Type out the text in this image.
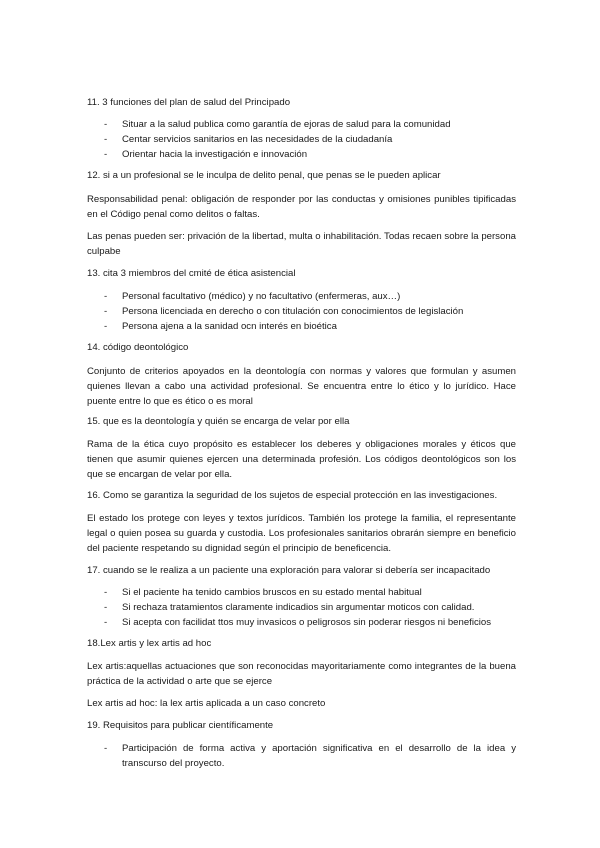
11. 3 funciones del plan de salud del Principado

- Situar a la salud publica como garantía de ejoras de salud para la comunidad
- Centar servicios sanitarios en las necesidades de la ciudadanía
- Orientar hacia la investigación e innovación

12. si a un profesional se le inculpa de delito penal, que penas se le pueden aplicar

Responsabilidad penal: obligación de responder por las conductas y omisiones punibles tipificadas en el Código penal como delitos o faltas.

Las penas pueden ser: privación de la libertad, multa o inhabilitación. Todas recaen sobre la persona culpabe

13. cita 3 miembros del cmité de ética asistencial

- Personal facultativo (médico) y no facultativo (enfermeras, aux…)
- Persona licenciada en derecho o con titulación con conocimientos de legislación
- Persona ajena a la sanidad ocn interés en bioética

14. código deontológico

Conjunto de criterios apoyados en la deontología con normas y valores que formulan y asumen quienes llevan a cabo una actividad profesional. Se encuentra entre lo ético y lo jurídico. Hace puente entre lo que es ético o es moral

15. que es la deontología y quién se encarga de velar por ella

Rama de la ética cuyo propósito es establecer los deberes y obligaciones morales y éticos que tienen que asumir quienes ejercen una determinada profesión. Los códigos deontológicos son los que se encargan de velar por ella.

16. Como se garantiza la seguridad de los sujetos de especial protección en las investigaciones.

El estado los protege con leyes y textos jurídicos. También los protege la familia, el representante legal o quien posea su guarda y custodia. Los profesionales sanitarios obrarán siempre en beneficio del paciente respetando su dignidad según el principio de beneficencia.

17. cuando se le realiza a un paciente una exploración para valorar si debería ser incapacitado

- Si el paciente ha tenido cambios bruscos en su estado mental habitual
- Si rechaza tratamientos claramente indicadios sin argumentar moticos con calidad.
- Si acepta con facilidat ttos muy invasicos o peligrosos sin poderar riesgos ni beneficios

18.Lex artis y lex artis ad hoc

Lex artis:aquellas actuaciones que son reconocidas mayoritariamente como integrantes de la buena práctica de la actividad o arte que se ejerce

Lex artis ad hoc: la lex artis aplicada a un caso concreto

19. Requisitos para publicar científicamente

- Participación de forma activa y aportación significativa en el desarrollo de la idea y transcurso del proyecto.
